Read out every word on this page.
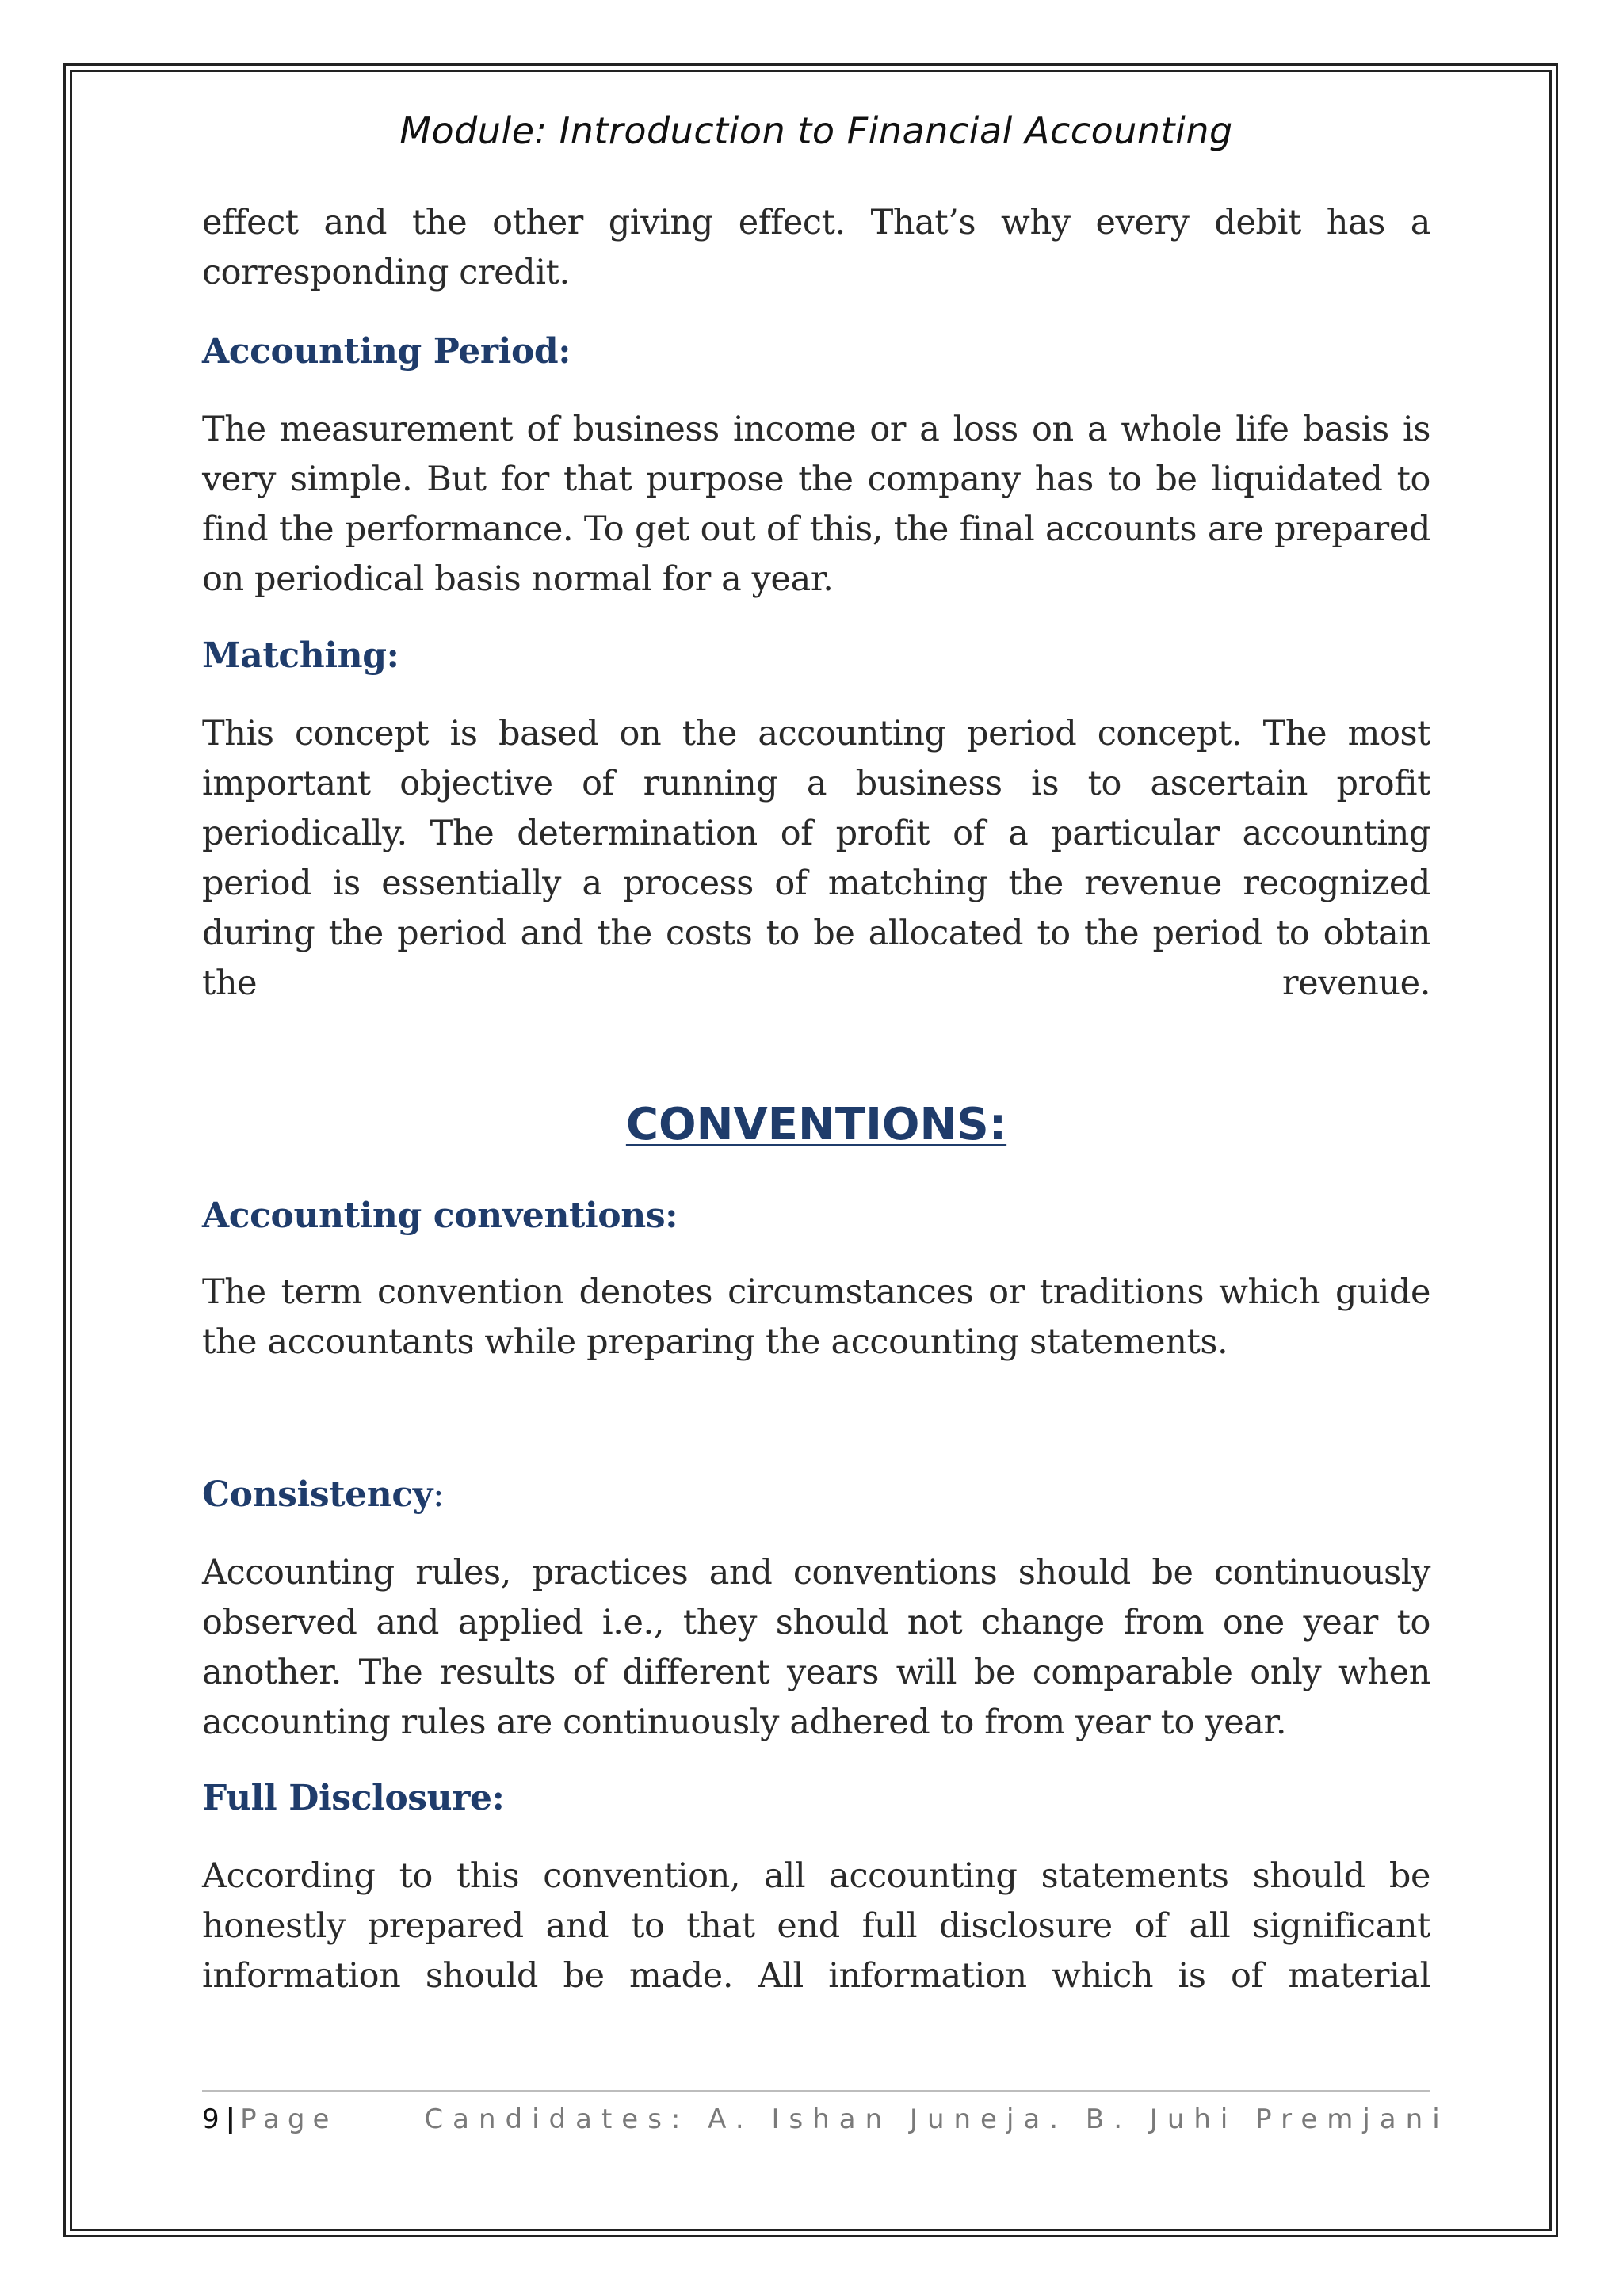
Module: Introduction to Financial Accounting

effect and the other giving effect. That’s why every debit has a corresponding credit.

Accounting Period:

The measurement of business income or a loss on a whole life basis is very simple. But for that purpose the company has to be liquidated to find the performance. To get out of this, the final accounts are prepared on periodical basis normal for a year.

Matching:

This concept is based on the accounting period concept. The most important objective of running a business is to ascertain profit periodically. The determination of profit of a particular accounting period is essentially a process of matching the revenue recognized during the period and the costs to be allocated to the period to obtain the revenue.

CONVENTIONS:
Accounting conventions:

The term convention denotes circumstances or traditions which guide the accountants while preparing the accounting statements.

Consistency:

Accounting rules, practices and conventions should be continuously observed and applied i.e., they should not change from one year to another. The results of different years will be comparable only when accounting rules are continuously adhered to from year to year.

Full Disclosure:

According to this convention, all accounting statements should be honestly prepared and to that end full disclosure of all significant information should be made. All information which is of material

9 | Page	Candidates: A. Ishan Juneja. B. Juhi Premjani
